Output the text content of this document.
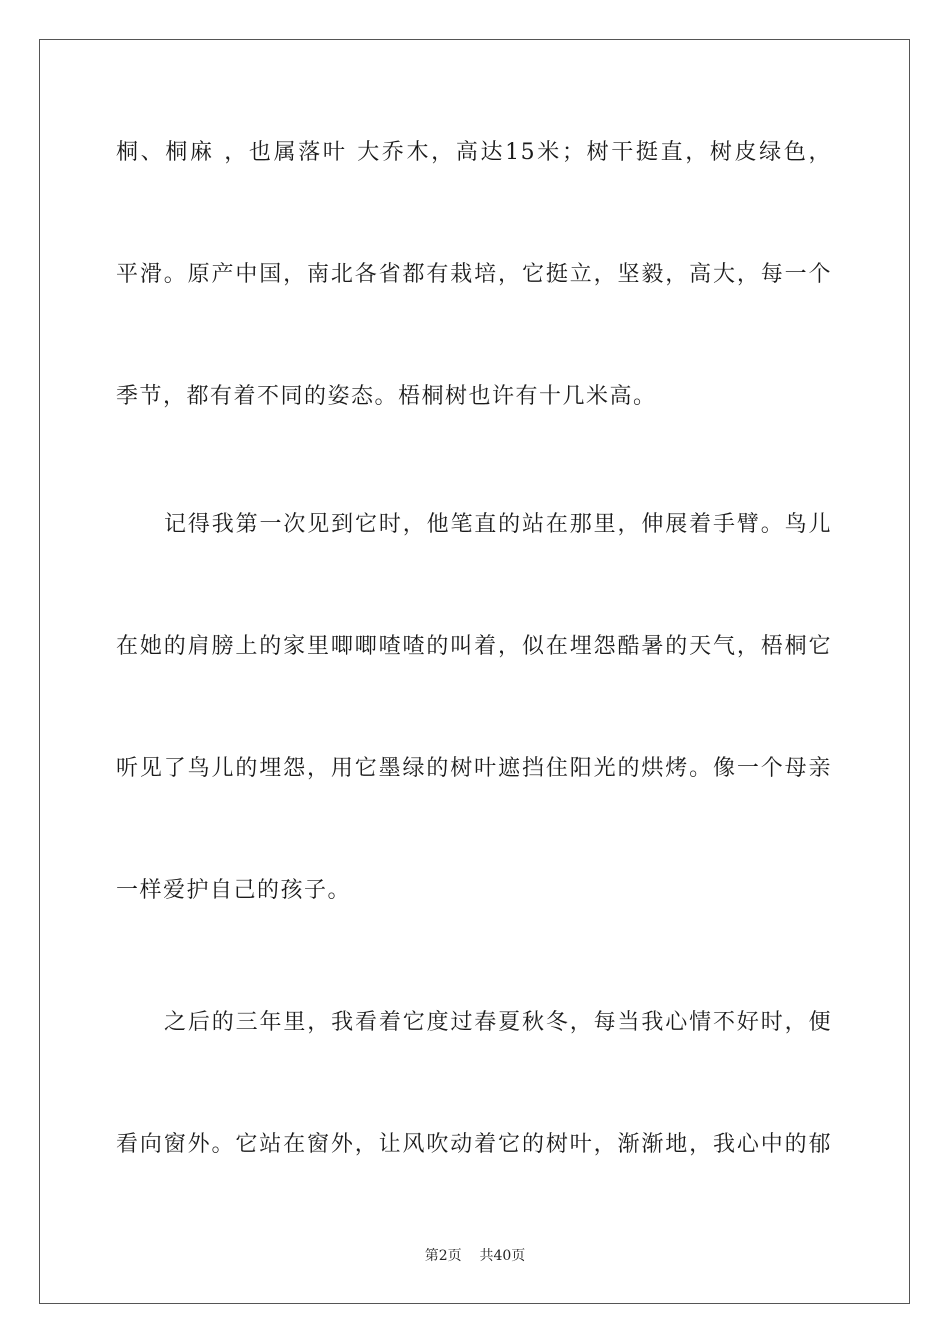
桐、桐麻 ，也属落叶 大乔木，高达15米；树干挺直，树皮绿色，
平滑。原产中国，南北各省都有栽培，它挺立，坚毅，高大，每一个
季节，都有着不同的姿态。梧桐树也许有十几米高。
记得我第一次见到它时，他笔直的站在那里，伸展着手臂。鸟儿
在她的肩膀上的家里唧唧喳喳的叫着，似在埋怨酷暑的天气，梧桐它
听见了鸟儿的埋怨，用它墨绿的树叶遮挡住阳光的烘烤。像一个母亲
一样爱护自己的孩子。
之后的三年里，我看着它度过春夏秋冬，每当我心情不好时，便
看向窗外。它站在窗外，让风吹动着它的树叶，渐渐地，我心中的郁
第2页    共40页
